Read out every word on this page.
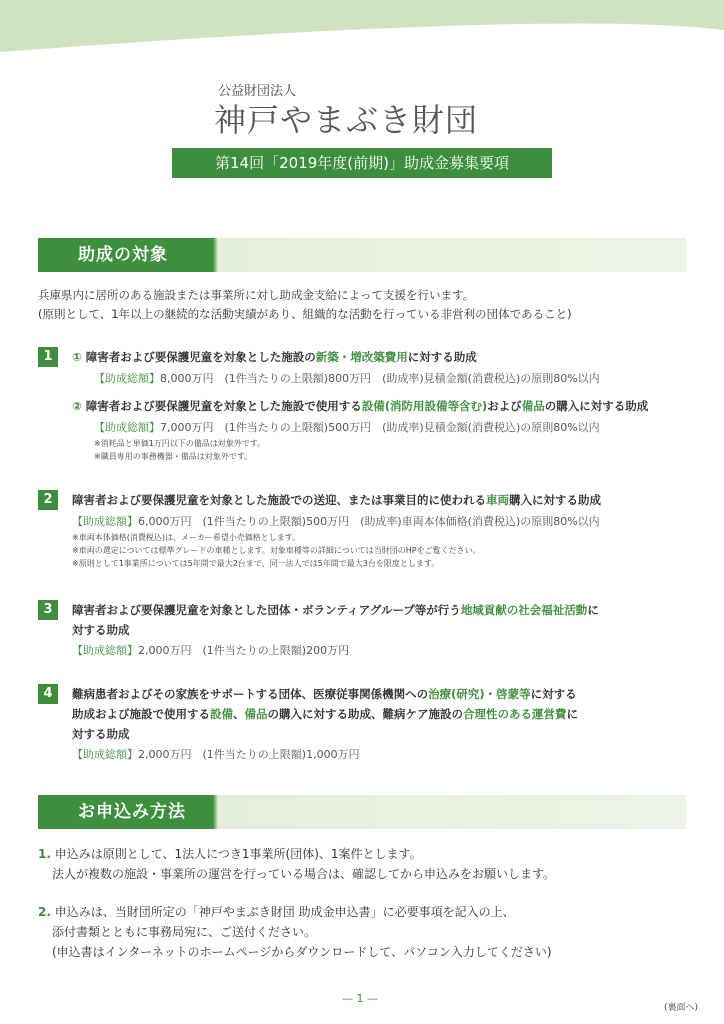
公益財団法人
神戸やまぶき財団
第14回「2019年度(前期)」助成金募集要項
助成の対象
兵庫県内に居所のある施設または事業所に対し助成金支給によって支援を行います。
(原則として、1年以上の継続的な活動実績があり、組織的な活動を行っている非営利の団体であること)
1	① 障害者および要保護児童を対象とした施設の新築・増改築費用に対する助成
【助成総額】8,000万円　(1件当たりの上限額)800万円　(助成率)見積金額(消費税込)の原則80%以内
② 障害者および要保護児童を対象とした施設で使用する設備(消防用設備等含む)および備品の購入に対する助成
【助成総額】7,000万円　(1件当たりの上限額)500万円　(助成率)見積金額(消費税込)の原則80%以内
※消耗品と単価1万円以下の備品は対象外です。
※職員専用の事務機器・備品は対象外です。
2	障害者および要保護児童を対象とした施設での送迎、または事業目的に使われる車両購入に対する助成
【助成総額】6,000万円　(1件当たりの上限額)500万円　(助成率)車両本体価格(消費税込)の原則80%以内
※車両本体価格(消費税込)は、メーカー希望小売価格とします。
※車両の選定については標準グレードの車種とします。対象車種等の詳細については当財団のHPをご覧ください。
※原則として1事業所については5年間で最大2台まで、同一法人では5年間で最大3台を限度とします。
3	障害者および要保護児童を対象とした団体・ボランティアグループ等が行う地域貢献の社会福祉活動に
対する助成
【助成総額】2,000万円　(1件当たりの上限額)200万円
4	難病患者およびその家族をサポートする団体、医療従事関係機関への治療(研究)・啓蒙等に対する
助成および施設で使用する設備、備品の購入に対する助成、難病ケア施設の合理性のある運営費に
対する助成
【助成総額】2,000万円　(1件当たりの上限額)1,000万円
お申込み方法
1. 申込みは原則として、1法人につき1事業所(団体)、1案件とします。
法人が複数の施設・事業所の運営を行っている場合は、確認してから申込みをお願いします。
2. 申込みは、当財団所定の「神戸やまぶき財団 助成金申込書」に必要事項を記入の上、
添付書類とともに事務局宛に、ご送付ください。
(申込書はインターネットのホームページからダウンロードして、パソコン入力してください)
— 1 —
(裏面へ)
